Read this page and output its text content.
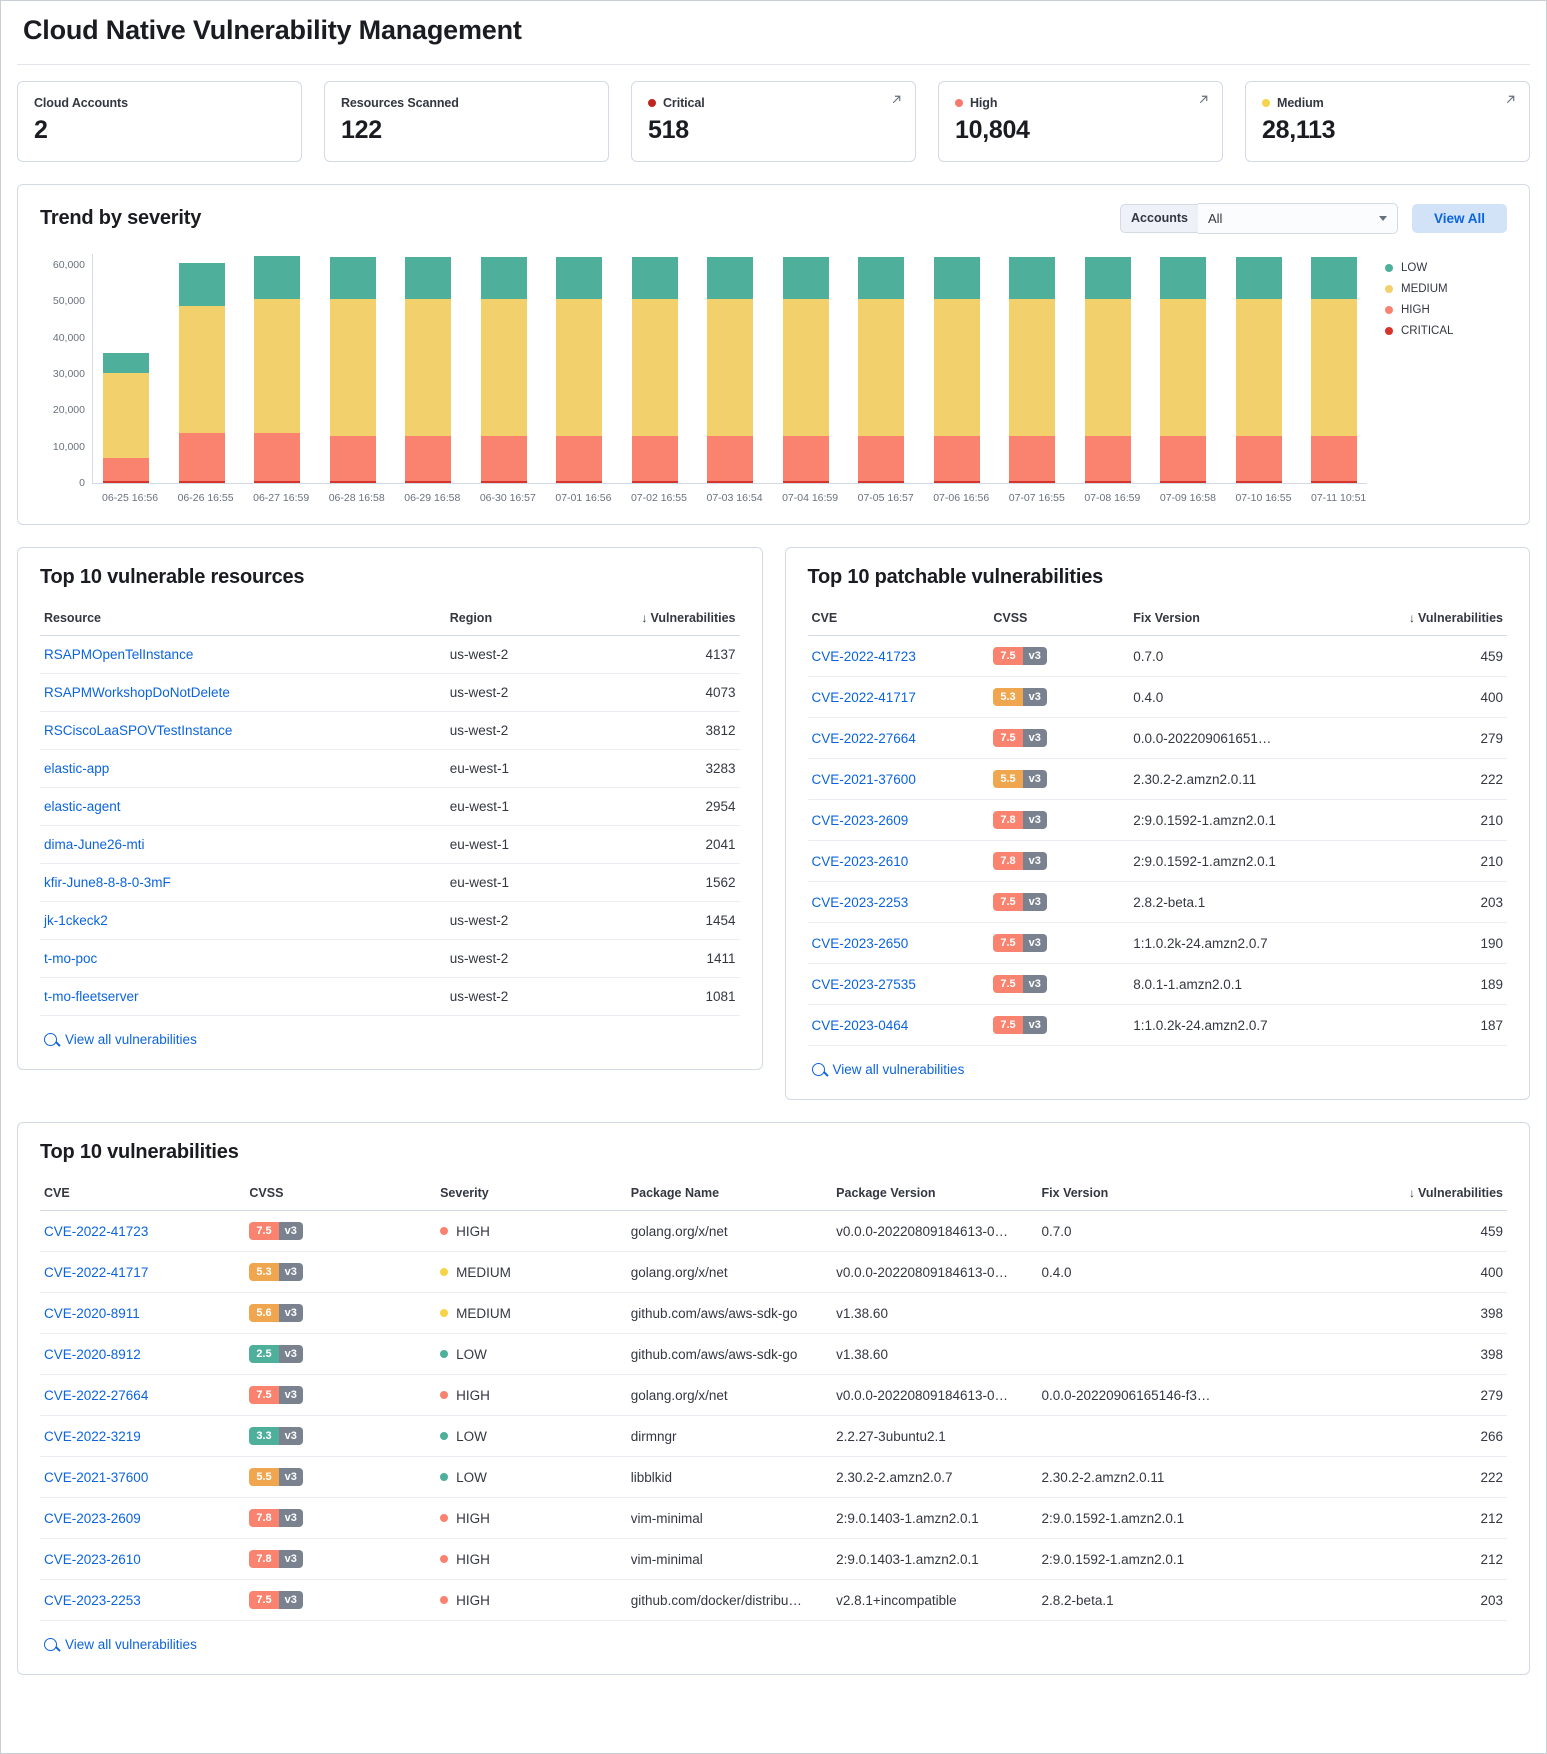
Cloud Native Vulnerability Management
Cloud Accounts
2
Resources Scanned
122
Critical
518
High
10,804
Medium
28,113
Trend by severity	Accounts	All	View All
0
10,000
20,000
30,000
40,000
50,000
60,000
06-25 16:56 06-26 16:55 06-27 16:59 06-28 16:58 06-29 16:58 06-30 16:57 07-01 16:56 07-02 16:55 07-03 16:54 07-04 16:59 07-05 16:57 07-06 16:56 07-07 16:55 07-08 16:59 07-09 16:58 07-10 16:55 07-11 10:51
LOW
MEDIUM
HIGH
CRITICAL
Top 10 vulnerable resources
Resource	Region	↓ Vulnerabilities
RSAPMOpenTelInstance	us-west-2	4137
RSAPMWorkshopDoNotDelete	us-west-2	4073
RSCiscoLaaSPOVTestInstance	us-west-2	3812
elastic-app	eu-west-1	3283
elastic-agent	eu-west-1	2954
dima-June26-mti	eu-west-1	2041
kfir-June8-8-8-0-3mF	eu-west-1	1562
jk-1ckeck2	us-west-2	1454
t-mo-poc	us-west-2	1411
t-mo-fleetserver	us-west-2	1081
View all vulnerabilities
Top 10 patchable vulnerabilities
CVE	CVSS	Fix Version	↓ Vulnerabilities
CVE-2022-41723	7.5 v3	0.7.0	459
CVE-2022-41717	5.3 v3	0.4.0	400
CVE-2022-27664	7.5 v3	0.0.0-202209061651…	279
CVE-2021-37600	5.5 v3	2.30.2-2.amzn2.0.11	222
CVE-2023-2609	7.8 v3	2:9.0.1592-1.amzn2.0.1	210
CVE-2023-2610	7.8 v3	2:9.0.1592-1.amzn2.0.1	210
CVE-2023-2253	7.5 v3	2.8.2-beta.1	203
CVE-2023-2650	7.5 v3	1:1.0.2k-24.amzn2.0.7	190
CVE-2023-27535	7.5 v3	8.0.1-1.amzn2.0.1	189
CVE-2023-0464	7.5 v3	1:1.0.2k-24.amzn2.0.7	187
View all vulnerabilities
Top 10 vulnerabilities
CVE	CVSS	Severity	Package Name	Package Version	Fix Version	↓ Vulnerabilities
CVE-2022-41723	7.5 v3	HIGH	golang.org/x/net	v0.0.0-20220809184613-0…	0.7.0	459
CVE-2022-41717	5.3 v3	MEDIUM	golang.org/x/net	v0.0.0-20220809184613-0…	0.4.0	400
CVE-2020-8911	5.6 v3	MEDIUM	github.com/aws/aws-sdk-go	v1.38.60		398
CVE-2020-8912	2.5 v3	LOW	github.com/aws/aws-sdk-go	v1.38.60		398
CVE-2022-27664	7.5 v3	HIGH	golang.org/x/net	v0.0.0-20220809184613-0…	0.0.0-20220906165146-f3…	279
CVE-2022-3219	3.3 v3	LOW	dirmngr	2.2.27-3ubuntu2.1		266
CVE-2021-37600	5.5 v3	LOW	libblkid	2.30.2-2.amzn2.0.7	2.30.2-2.amzn2.0.11	222
CVE-2023-2609	7.8 v3	HIGH	vim-minimal	2:9.0.1403-1.amzn2.0.1	2:9.0.1592-1.amzn2.0.1	212
CVE-2023-2610	7.8 v3	HIGH	vim-minimal	2:9.0.1403-1.amzn2.0.1	2:9.0.1592-1.amzn2.0.1	212
CVE-2023-2253	7.5 v3	HIGH	github.com/docker/distribu…	v2.8.1+incompatible	2.8.2-beta.1	203
View all vulnerabilities
